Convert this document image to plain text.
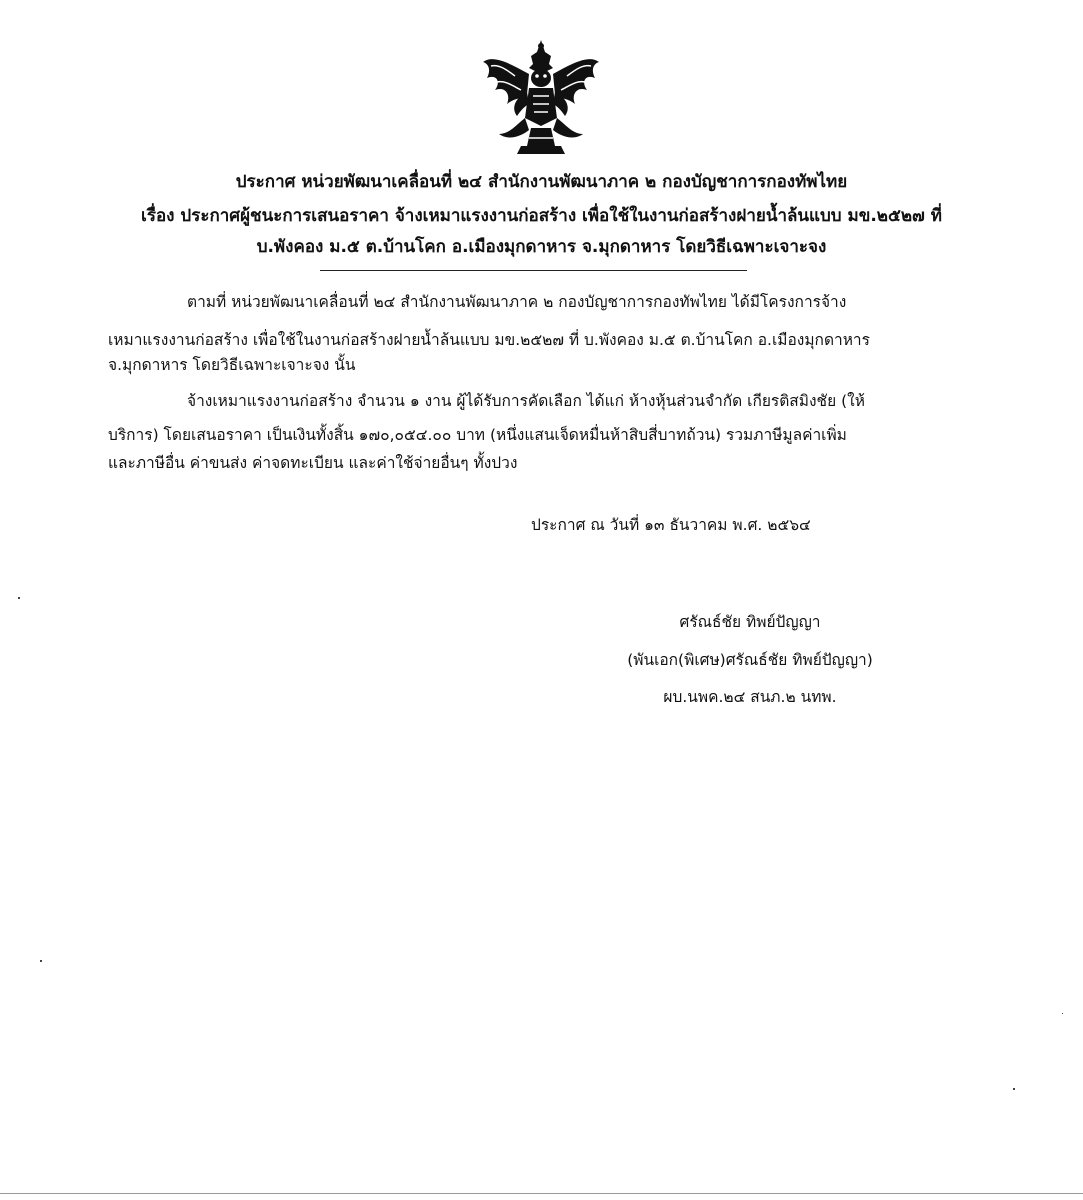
ประกาศ หน่วยพัฒนาเคลื่อนที่ ๒๔ สำนักงานพัฒนาภาค ๒ กองบัญชาการกองทัพไทย
เรื่อง ประกาศผู้ชนะการเสนอราคา จ้างเหมาแรงงานก่อสร้าง เพื่อใช้ในงานก่อสร้างฝายน้ำล้นแบบ มข.๒๕๒๗ ที่
บ.พังคอง ม.๕ ต.บ้านโคก อ.เมืองมุกดาหาร จ.มุกดาหาร โดยวิธีเฉพาะเจาะจง
ตามที่ หน่วยพัฒนาเคลื่อนที่ ๒๔ สำนักงานพัฒนาภาค ๒ กองบัญชาการกองทัพไทย ได้มีโครงการจ้าง
เหมาแรงงานก่อสร้าง เพื่อใช้ในงานก่อสร้างฝายน้ำล้นแบบ มข.๒๕๒๗ ที่ บ.พังคอง ม.๕ ต.บ้านโคก อ.เมืองมุกดาหาร
จ.มุกดาหาร โดยวิธีเฉพาะเจาะจง นั้น
จ้างเหมาแรงงานก่อสร้าง จำนวน ๑ งาน ผู้ได้รับการคัดเลือก ได้แก่ ห้างหุ้นส่วนจำกัด เกียรติสมิงชัย (ให้
บริการ) โดยเสนอราคา เป็นเงินทั้งสิ้น ๑๗๐,๐๕๔.๐๐ บาท (หนึ่งแสนเจ็ดหมื่นห้าสิบสี่บาทถ้วน) รวมภาษีมูลค่าเพิ่ม
และภาษีอื่น ค่าขนส่ง ค่าจดทะเบียน และค่าใช้จ่ายอื่นๆ ทั้งปวง
ประกาศ ณ วันที่ ๑๓ ธันวาคม พ.ศ. ๒๕๖๔
ศรัณธ์ชัย ทิพย์ปัญญา
(พันเอก(พิเศษ)ศรัณธ์ชัย ทิพย์ปัญญา)
ผบ.นพค.๒๔ สนภ.๒ นทพ.
